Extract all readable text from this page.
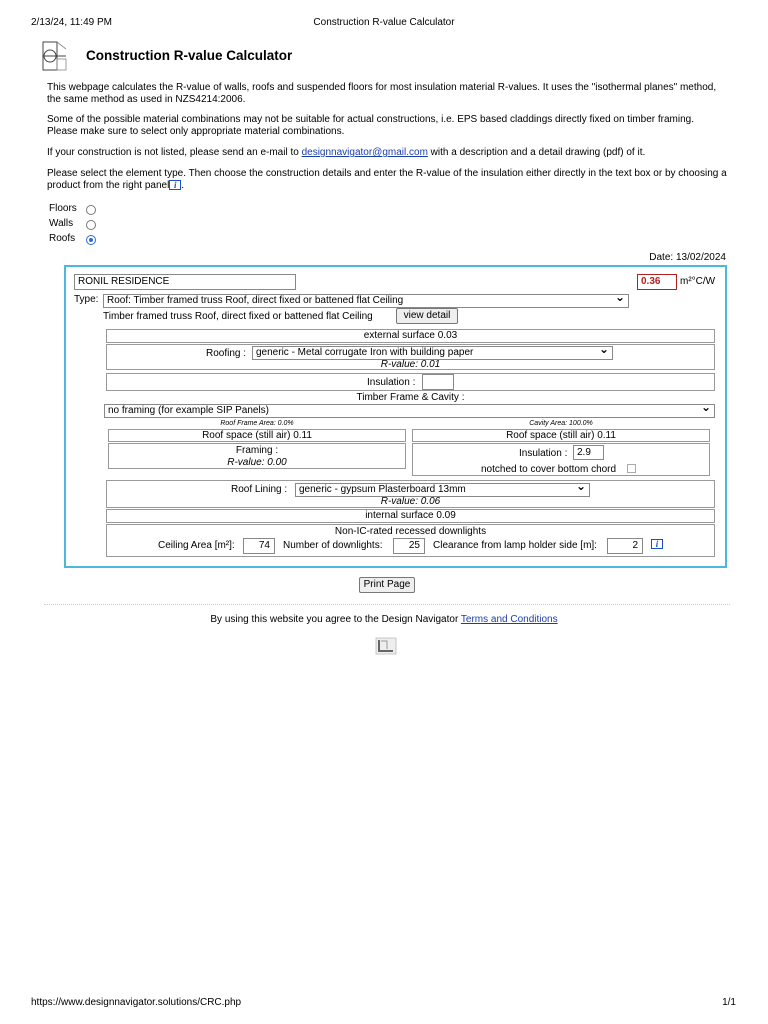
2/13/24, 11:49 PM	Construction R-value Calculator
Construction R-value Calculator
This webpage calculates the R-value of walls, roofs and suspended floors for most insulation material R-values. It uses the "isothermal planes" method, the same method as used in NZS4214:2006.
Some of the possible material combinations may not be suitable for actual constructions, i.e. EPS based claddings directly fixed on timber framing. Please make sure to select only appropriate material combinations.
If your construction is not listed, please send an e-mail to designnavigator@gmail.com with a description and a detail drawing (pdf) of it.
Please select the element type. Then choose the construction details and enter the R-value of the insulation either directly in the text box or by choosing a product from the right panel i .
Floors
Walls
Roofs
Date: 13/02/2024
RONIL RESIDENCE	0.36	m²°C/W
Type: Roof: Timber framed truss Roof, direct fixed or battened flat Ceiling ⌄
Timber framed truss Roof, direct fixed or battened flat Ceiling	view detail
external surface 0.03
Roofing : generic - Metal corrugate Iron with building paper ⌄
R-value: 0.01
Insulation :
Timber Frame & Cavity :
no framing (for example SIP Panels) ⌄
Roof Frame Area: 0.0%	Cavity Area: 100.0%
Roof space (still air) 0.11	Roof space (still air) 0.11
Framing :
R-value: 0.00
Insulation : 2.9
notched to cover bottom chord
Roof Lining :	generic - gypsum Plasterboard 13mm ⌄
R-value: 0.06
internal surface 0.09
Non-IC-rated recessed downlights
Ceiling Area [m²]:	74	Number of downlights:	25	Clearance from lamp holder side [m]:	2	i
Print Page
By using this website you agree to the Design Navigator Terms and Conditions
https://www.designnavigator.solutions/CRC.php	1/1
